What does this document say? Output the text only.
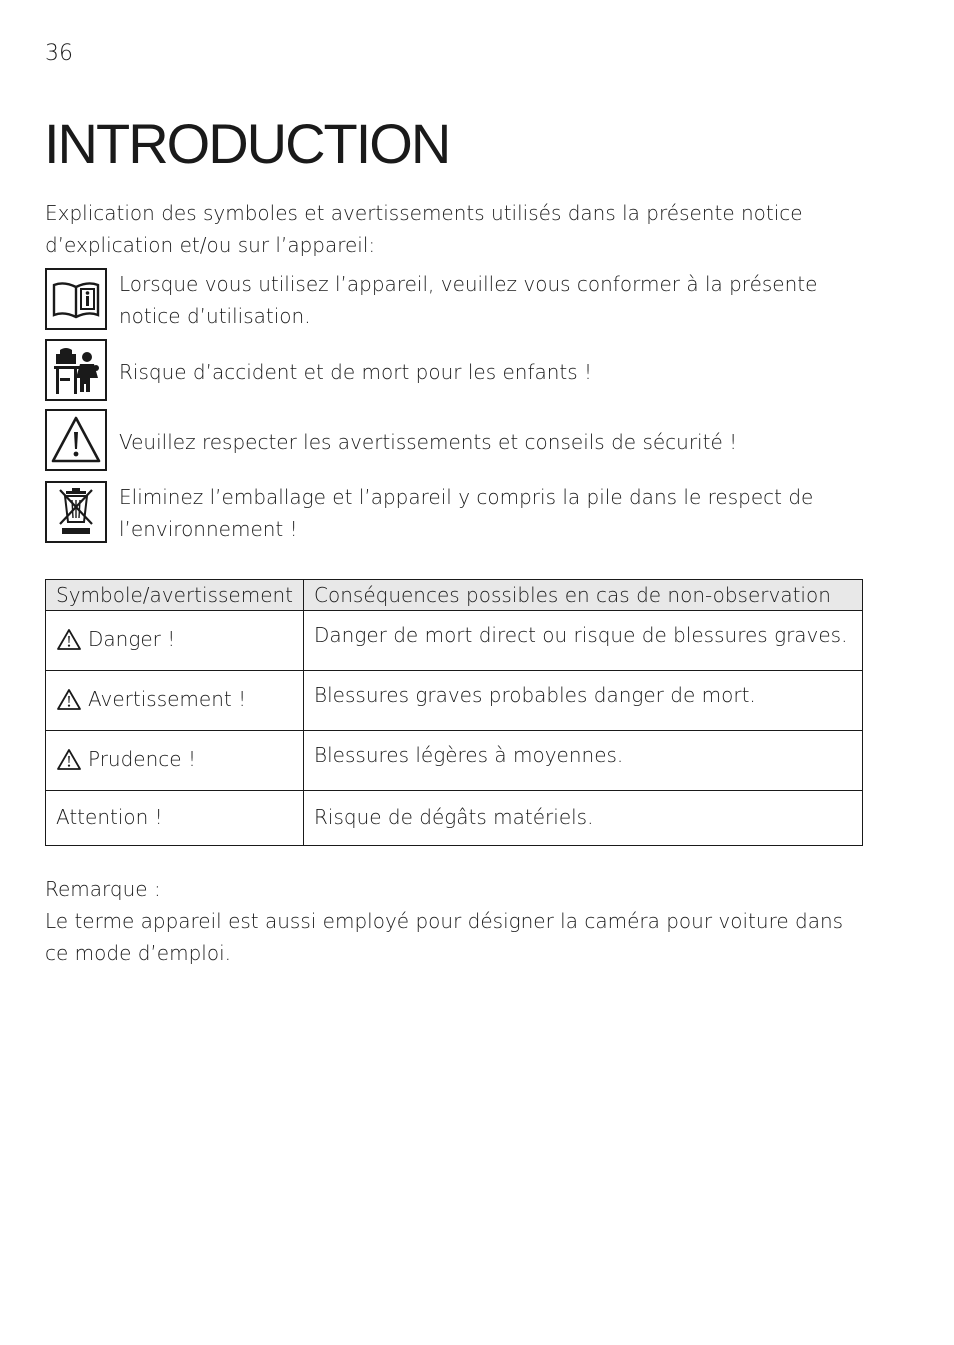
36
INTRODUCTION

Explication des symboles et avertissements utilisés dans la présente notice d’explication et/ou sur l’appareil:

Lorsque vous utilisez l’appareil, veuillez vous conformer à la présente notice d’utilisation.
Risque d’accident et de mort pour les enfants !
Veuillez respecter les avertissements et conseils de sécurité !
Eliminez l’emballage et l’appareil y compris la pile dans le respect de l’environnement !
Symbole/avertissement	Conséquences possibles en cas de non-observation

Danger !	Danger de mort direct ou risque de blessures graves.

Avertissement !	Blessures graves probables danger de mort.

Prudence !	Blessures légères à moyennes.

Attention !	Risque de dégâts matériels.
Remarque :
Le terme appareil est aussi employé pour désigner la caméra pour voiture dans ce mode d’emploi.
